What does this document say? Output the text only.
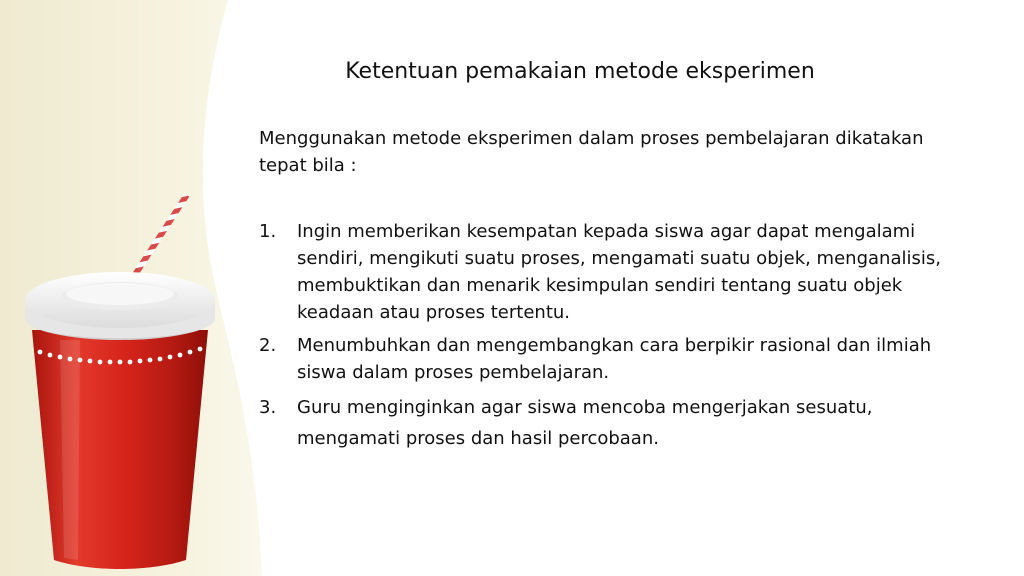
Ketentuan pemakaian metode eksperimen
Menggunakan metode eksperimen dalam proses pembelajaran dikatakan tepat bila :
1. Ingin memberikan kesempatan kepada siswa agar dapat mengalami sendiri, mengikuti suatu proses, mengamati suatu objek, menganalisis, membuktikan dan menarik kesimpulan sendiri tentang suatu objek keadaan atau proses tertentu.
2. Menumbuhkan dan mengembangkan cara berpikir rasional dan ilmiah siswa dalam proses pembelajaran.
3. Guru menginginkan agar siswa mencoba mengerjakan sesuatu, mengamati proses dan hasil percobaan.
